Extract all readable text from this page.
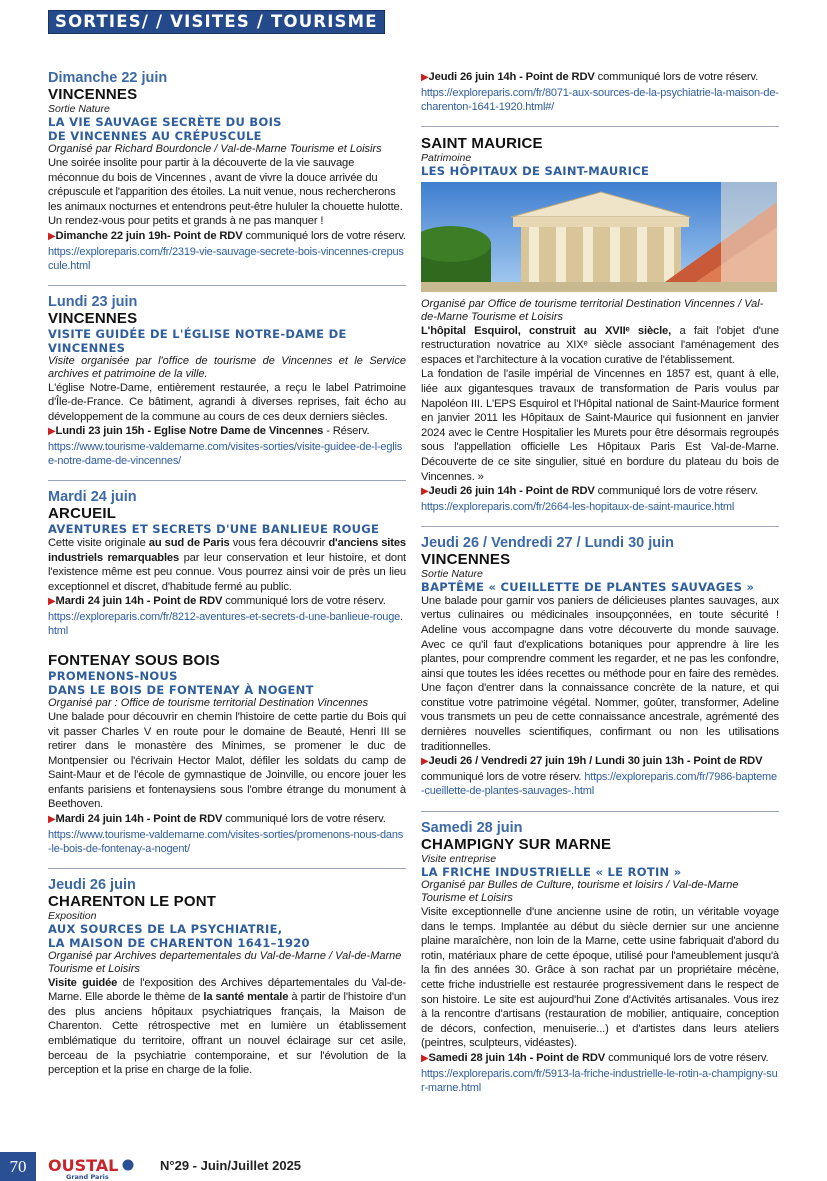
SORTIES/ / VISITES / TOURISME
Dimanche 22 juin
VINCENNES
Sortie Nature
LA VIE SAUVAGE SECRÈTE DU BOIS
DE VINCENNES AU CRÉPUSCULE
Organisé par Richard Bourdoncle / Val-de-Marne Tourisme et Loisirs
Une soirée insolite pour partir à la découverte de la vie sauvage méconnue du bois de Vincennes , avant de vivre la douce arrivée du crépuscule et l'apparition des étoiles. La nuit venue, nous rechercherons les animaux nocturnes et entendrons peut-être hululer la chouette hulotte.
Un rendez-vous pour petits et grands à ne pas manquer !
▶Dimanche 22 juin 19h- Point de RDV communiqué lors de votre réserv.
https://exploreparis.com/fr/2319-vie-sauvage-secrete-bois-vincennes-crepuscule.html
Lundi 23 juin
VINCENNES
VISITE GUIDÉE DE L'ÉGLISE NOTRE-DAME DE VINCENNES
Visite organisée par l'office de tourisme de Vincennes et le Service archives et patrimoine de la ville.
L'église Notre-Dame, entièrement restaurée, a reçu le label Patrimoine d'Île-de-France. Ce bâtiment, agrandi à diverses reprises, fait écho au développement de la commune au cours de ces deux derniers siècles.
▶Lundi 23 juin 15h - Eglise Notre Dame de Vincennes - Réserv.
https://www.tourisme-valdemarne.com/visites-sorties/visite-guidee-de-l-eglise-notre-dame-de-vincennes/
Mardi 24 juin
ARCUEIL
AVENTURES ET SECRETS D'UNE BANLIEUE ROUGE
Cette visite originale au sud de Paris vous fera découvrir d'anciens sites industriels remarquables par leur conservation et leur histoire, et dont l'existence même est peu connue. Vous pourrez ainsi voir de près un lieu exceptionnel et discret, d'habitude fermé au public.
▶Mardi 24 juin 14h - Point de RDV communiqué lors de votre réserv.
https://exploreparis.com/fr/8212-aventures-et-secrets-d-une-banlieue-rouge.html
FONTENAY SOUS BOIS
PROMENONS-NOUS
DANS LE BOIS DE FONTENAY À NOGENT
Organisé par : Office de tourisme territorial Destination Vincennes
Une balade pour découvrir en chemin l'histoire de cette partie du Bois qui vit passer Charles V en route pour le domaine de Beauté, Henri III se retirer dans le monastère des Minimes, se promener le duc de Montpensier ou l'écrivain Hector Malot, défiler les soldats du camp de Saint-Maur et de l'école de gymnastique de Joinville, ou encore jouer les enfants parisiens et fontenaysiens sous l'ombre étrange du monument à Beethoven.
▶Mardi 24 juin 14h - Point de RDV communiqué lors de votre réserv.
https://www.tourisme-valdemarne.com/visites-sorties/promenons-nous-dans-le-bois-de-fontenay-a-nogent/
Jeudi 26 juin
CHARENTON LE PONT
Exposition
AUX SOURCES DE LA PSYCHIATRIE,
LA MAISON DE CHARENTON 1641–1920
Organisé par Archives departementales du Val-de-Marne / Val-de-Marne Tourisme et Loisirs
Visite guidée de l'exposition des Archives départementales du Val-de-Marne. Elle aborde le thème de la santé mentale à partir de l'histoire d'un des plus anciens hôpitaux psychiatriques français, la Maison de Charenton. Cette rétrospective met en lumière un établissement emblématique du territoire, offrant un nouvel éclairage sur cet asile, berceau de la psychiatrie contemporaine, et sur l'évolution de la perception et la prise en charge de la folie.
▶Jeudi 26 juin 14h - Point de RDV communiqué lors de votre réserv.
https://exploreparis.com/fr/8071-aux-sources-de-la-psychiatrie-la-maison-de-charenton-1641-1920.html#/
SAINT MAURICE
Patrimoine
LES HÔPITAUX DE SAINT-MAURICE
Organisé par Office de tourisme territorial Destination Vincennes / Val-de-Marne Tourisme et Loisirs
L'hôpital Esquirol, construit au XVIIᵉ siècle, a fait l'objet d'une restructuration novatrice au XIXᵉ siècle associant l'aménagement des espaces et l'architecture à la vocation curative de l'établissement.
La fondation de l'asile impérial de Vincennes en 1857 est, quant à elle, liée aux gigantesques travaux de transformation de Paris voulus par Napoléon III. L'EPS Esquirol et l'Hôpital national de Saint-Maurice forment en janvier 2011 les Hôpitaux de Saint-Maurice qui fusionnent en janvier 2024 avec le Centre Hospitalier les Murets pour être désormais regroupés sous l'appellation officielle Les Hôpitaux Paris Est Val-de-Marne. Découverte de ce site singulier, situé en bordure du plateau du bois de Vincennes. »
▶Jeudi 26 juin 14h - Point de RDV communiqué lors de votre réserv.
https://exploreparis.com/fr/2664-les-hopitaux-de-saint-maurice.html
Jeudi 26 / Vendredi 27 / Lundi 30 juin
VINCENNES
Sortie Nature
BAPTÊME « CUEILLETTE DE PLANTES SAUVAGES »
Une balade pour garnir vos paniers de délicieuses plantes sauvages, aux vertus culinaires ou médicinales insoupçonnées, en toute sécurité ! Adeline vous accompagne dans votre découverte du monde sauvage. Avec ce qu'il faut d'explications botaniques pour apprendre à lire les plantes, pour comprendre comment les regarder, et ne pas les confondre, ainsi que toutes les idées recettes ou méthode pour en faire des remèdes. Une façon d'entrer dans la connaissance concrète de la nature, et qui constitue votre patrimoine végétal. Nommer, goûter, transformer, Adeline vous transmets un peu de cette connaissance ancestrale, agrémenté des dernières nouvelles scientifiques, confirmant ou non les utilisations traditionnelles.
▶Jeudi 26 / Vendredi 27 juin 19h / Lundi 30 juin 13h - Point de RDV communiqué lors de votre réserv. https://exploreparis.com/fr/7986-bapteme-cueillette-de-plantes-sauvages-.html
Samedi 28 juin
CHAMPIGNY SUR MARNE
Visite entreprise
LA FRICHE INDUSTRIELLE « LE ROTIN »
Organisé par Bulles de Culture, tourisme et loisirs / Val-de-Marne Tourisme et Loisirs
Visite exceptionnelle d'une ancienne usine de rotin, un véritable voyage dans le temps. Implantée au début du siècle dernier sur une ancienne plaine maraîchère, non loin de la Marne, cette usine fabriquait d'abord du rotin, matériaux phare de cette époque, utilisé pour l'ameublement jusqu'à la fin des années 30. Grâce à son rachat par un propriétaire mécène, cette friche industrielle est restaurée progressivement dans le respect de son histoire. Le site est aujourd'hui Zone d'Activités artisanales. Vous irez à la rencontre d'artisans (restauration de mobilier, antiquaire, conception de décors, confection, menuiserie...) et d'artistes dans leurs ateliers (peintres, sculpteurs, vidéastes).
▶Samedi 28 juin 14h - Point de RDV communiqué lors de votre réserv.
https://exploreparis.com/fr/5913-la-friche-industrielle-le-rotin-a-champigny-sur-marne.html
70	OUSTAL
Grand Paris
N°29 - Juin/Juillet 2025
